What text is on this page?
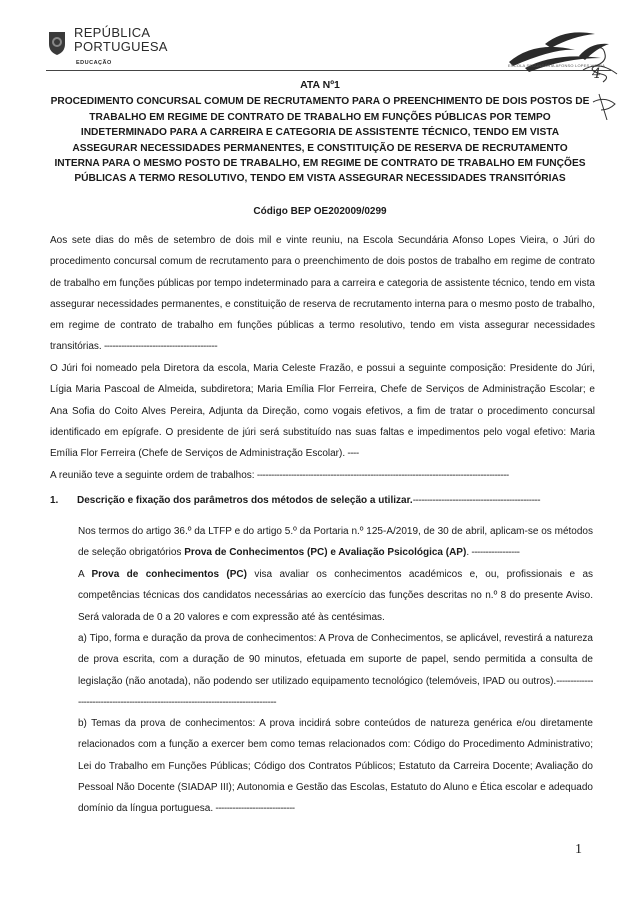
REPÚBLICA
PORTUGUESA
EDUCAÇÃO	ESCOLA SECUNDÁRIA AFONSO LOPES VIEIRA
4
ATA Nº1
PROCEDIMENTO CONCURSAL COMUM DE RECRUTAMENTO PARA O PREENCHIMENTO DE DOIS POSTOS DE TRABALHO EM REGIME DE CONTRATO DE TRABALHO EM FUNÇÕES PÚBLICAS POR TEMPO INDETERMINADO PARA A CARREIRA E CATEGORIA DE ASSISTENTE TÉCNICO, TENDO EM VISTA ASSEGURAR NECESSIDADES PERMANENTES, E CONSTITUIÇÃO DE RESERVA DE RECRUTAMENTO INTERNA PARA O MESMO POSTO DE TRABALHO, EM REGIME DE CONTRATO DE TRABALHO EM FUNÇÕES PÚBLICAS A TERMO RESOLUTIVO, TENDO EM VISTA ASSEGURAR NECESSIDADES TRANSITÓRIAS
Código BEP OE202009/0299
Aos sete dias do mês de setembro de dois mil e vinte reuniu, na Escola Secundária Afonso Lopes Vieira, o Júri do procedimento concursal comum de recrutamento para o preenchimento de dois postos de trabalho em regime de contrato de trabalho em funções públicas por tempo indeterminado para a carreira e categoria de assistente técnico, tendo em vista assegurar necessidades permanentes, e constituição de reserva de recrutamento interna para o mesmo posto de trabalho, em regime de contrato de trabalho em funções públicas a termo resolutivo, tendo em vista assegurar necessidades transitórias. ----------------------------------------
O Júri foi nomeado pela Diretora da escola, Maria Celeste Frazão, e possui a seguinte composição: Presidente do Júri, Lígia Maria Pascoal de Almeida, subdiretora; Maria Emília Flor Ferreira, Chefe de Serviços de Administração Escolar; e Ana Sofia do Coito Alves Pereira, Adjunta da Direção, como vogais efetivos, a fim de tratar o procedimento concursal identificado em epígrafe. O presidente de júri será substituído nas suas faltas e impedimentos pelo vogal efetivo: Maria Emília Flor Ferreira (Chefe de Serviços de Administração Escolar). ----
A reunião teve a seguinte ordem de trabalhos: -----------------------------------------------------------------------------------------
1. Descrição e fixação dos parâmetros dos métodos de seleção a utilizar.---------------------------------------------
Nos termos do artigo 36.º da LTFP e do artigo 5.º da Portaria n.º 125-A/2019, de 30 de abril, aplicam-se os métodos de seleção obrigatórios Prova de Conhecimentos (PC) e Avaliação Psicológica (AP). -----------------
A Prova de conhecimentos (PC) visa avaliar os conhecimentos académicos e, ou, profissionais e as competências técnicas dos candidatos necessárias ao exercício das funções descritas no n.º 8 do presente Aviso. Será valorada de 0 a 20 valores e com expressão até às centésimas.
a) Tipo, forma e duração da prova de conhecimentos: A Prova de Conhecimentos, se aplicável, revestirá a natureza de prova escrita, com a duração de 90 minutos, efetuada em suporte de papel, sendo permitida a consulta de legislação (não anotada), não podendo ser utilizado equipamento tecnológico (telemóveis, IPAD ou outros).-----------------------------------------------------------------------------------
b) Temas da prova de conhecimentos: A prova incidirá sobre conteúdos de natureza genérica e/ou diretamente relacionados com a função a exercer bem como temas relacionados com: Código do Procedimento Administrativo; Lei do Trabalho em Funções Públicas; Código dos Contratos Públicos; Estatuto da Carreira Docente; Avaliação do Pessoal Não Docente (SIADAP III); Autonomia e Gestão das Escolas, Estatuto do Aluno e Ética escolar e adequado domínio da língua portuguesa. ----------------------------
1
